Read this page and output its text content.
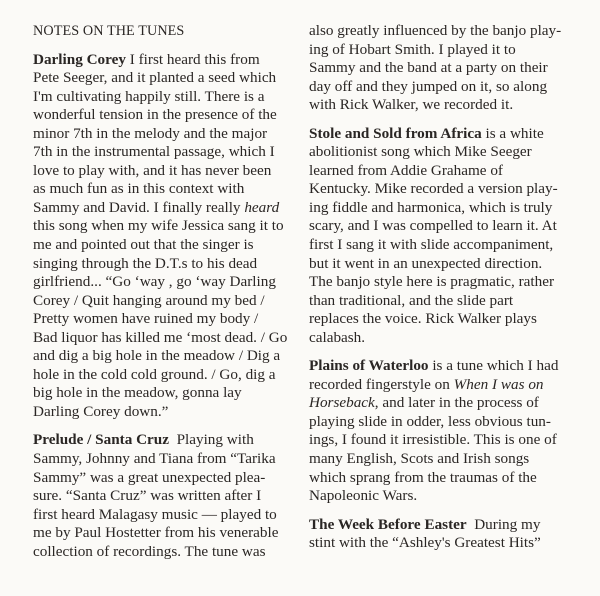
NOTES ON THE TUNES
Darling Corey I first heard this from
Pete Seeger, and it planted a seed which
I'm cultivating happily still. There is a
wonderful tension in the presence of the
minor 7th in the melody and the major
7th in the instrumental passage, which I
love to play with, and it has never been
as much fun as in this context with
Sammy and David. I finally really heard
this song when my wife Jessica sang it to
me and pointed out that the singer is
singing through the D.T.s to his dead
girlfriend... “Go ‘way , go ‘way Darling
Corey / Quit hanging around my bed /
Pretty women have ruined my body /
Bad liquor has killed me ‘most dead. / Go
and dig a big hole in the meadow / Dig a
hole in the cold cold ground. / Go, dig a
big hole in the meadow, gonna lay
Darling Corey down.”
Prelude / Santa Cruz  Playing with
Sammy, Johnny and Tiana from “Tarika
Sammy” was a great unexpected plea-
sure. “Santa Cruz” was written after I
first heard Malagasy music — played to
me by Paul Hostetter from his venerable
collection of recordings. The tune was
also greatly influenced by the banjo play-
ing of Hobart Smith. I played it to
Sammy and the band at a party on their
day off and they jumped on it, so along
with Rick Walker, we recorded it.
Stole and Sold from Africa is a white
abolitionist song which Mike Seeger
learned from Addie Grahame of
Kentucky. Mike recorded a version play-
ing fiddle and harmonica, which is truly
scary, and I was compelled to learn it. At
first I sang it with slide accompaniment,
but it went in an unexpected direction.
The banjo style here is pragmatic, rather
than traditional, and the slide part
replaces the voice. Rick Walker plays
calabash.
Plains of Waterloo is a tune which I had
recorded fingerstyle on When I was on
Horseback, and later in the process of
playing slide in odder, less obvious tun-
ings, I found it irresistible. This is one of
many English, Scots and Irish songs
which sprang from the traumas of the
Napoleonic Wars.
The Week Before Easter  During my
stint with the “Ashley's Greatest Hits”
